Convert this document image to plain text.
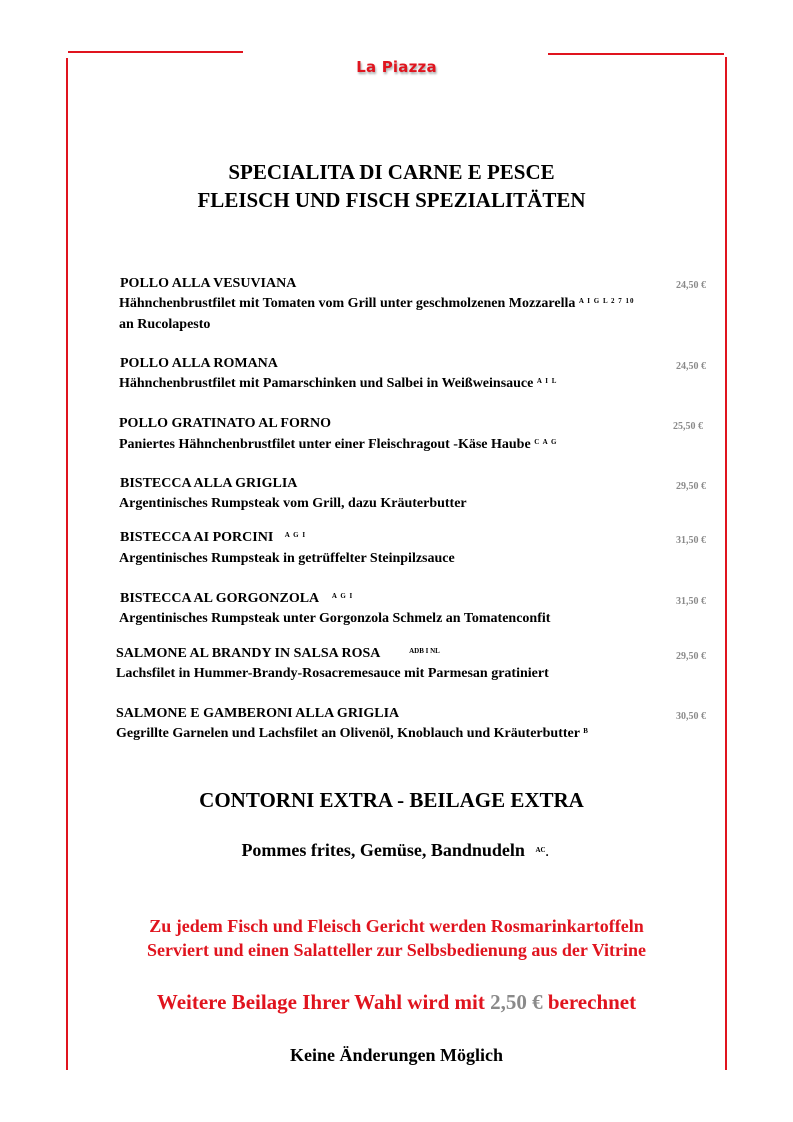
La Piazza
SPECIALITA DI CARNE E PESCE
FLEISCH UND FISCH SPEZIALITÄTEN
POLLO ALLA VESUVIANA	24,50 €
Hähnchenbrustfilet mit Tomaten vom Grill unter geschmolzenen Mozzarella $^{A I G L 2 7 10}$
an Rucolapesto
POLLO ALLA ROMANA	24,50 €
Hähnchenbrustfilet mit Pamarschinken und Salbei in Weißweinsauce $^{A I L}$
POLLO GRATINATO AL FORNO	25,50 €
Paniertes Hähnchenbrustfilet unter einer Fleischragout -Käse Haube $^{C A G}$
BISTECCA ALLA GRIGLIA	29,50 €
Argentinisches Rumpsteak vom Grill, dazu Kräuterbutter
BISTECCA AI PORCINI $^{A G I}$	31,50 €
Argentinisches Rumpsteak in getrüffelter Steinpilzsauce
BISTECCA AL GORGONZOLA $^{A G I}$	31,50 €
Argentinisches Rumpsteak unter Gorgonzola Schmelz an Tomatenconfit
SALMONE AL BRANDY IN SALSA ROSA	$^{ADB I NL}$	29,50 €
Lachsfilet in Hummer-Brandy-Rosacremesauce mit Parmesan gratiniert
SALMONE E GAMBERONI ALLA GRIGLIA	30,50 €
Gegrillte Garnelen und Lachsfilet an Olivenöl, Knoblauch und Kräuterbutter $^B$
CONTORNI EXTRA - BEILAGE EXTRA
Pommes frites, Gemüse, Bandnudeln $^{AC}$.
Zu jedem Fisch und Fleisch Gericht werden Rosmarinkartoffeln
Serviert und einen Salatteller zur Selbsbedienung aus der Vitrine
Weitere Beilage Ihrer Wahl wird mit 2,50 € berechnet
Keine Änderungen Möglich
